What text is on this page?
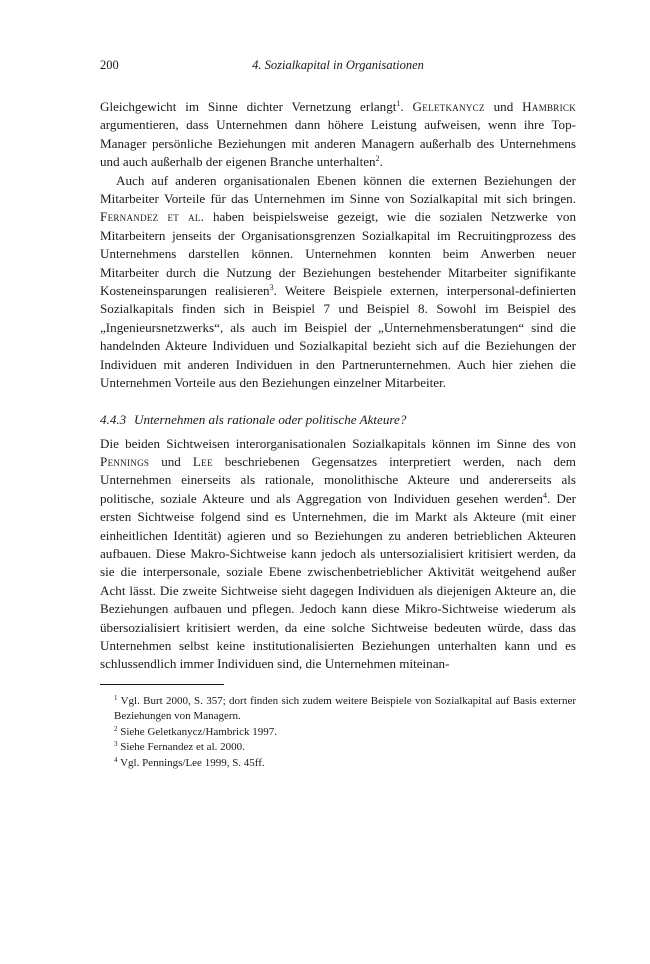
200	4. Sozialkapital in Organisationen

Gleichgewicht im Sinne dichter Vernetzung erlangt$^1$. Geletkanycz und Hambrick argumentieren, dass Unternehmen dann höhere Leistung aufweisen, wenn ihre Top-Manager persönliche Beziehungen mit anderen Managern außerhalb des Unternehmens und auch außerhalb der eigenen Branche unterhalten$^2$.

Auch auf anderen organisationalen Ebenen können die externen Beziehungen der Mitarbeiter Vorteile für das Unternehmen im Sinne von Sozialkapital mit sich bringen. Fernandez et al. haben beispielsweise gezeigt, wie die sozialen Netzwerke von Mitarbeitern jenseits der Organisationsgrenzen Sozialkapital im Recruitingprozess des Unternehmens darstellen können. Unternehmen konnten beim Anwerben neuer Mitarbeiter durch die Nutzung der Beziehungen bestehender Mitarbeiter signifikante Kosteneinsparungen realisieren$^3$. Weitere Beispiele externen, interpersonal-definierten Sozialkapitals finden sich in Beispiel 7 und Beispiel 8. Sowohl im Beispiel des „Ingenieursnetzwerks“, als auch im Beispiel der „Unternehmensberatungen“ sind die handelnden Akteure Individuen und Sozialkapital bezieht sich auf die Beziehungen der Individuen mit anderen Individuen in den Partnerunternehmen. Auch hier ziehen die Unternehmen Vorteile aus den Beziehungen einzelner Mitarbeiter.

4.4.3 Unternehmen als rationale oder politische Akteure?

Die beiden Sichtweisen interorganisationalen Sozialkapitals können im Sinne des von Pennings und Lee beschriebenen Gegensatzes interpretiert werden, nach dem Unternehmen einerseits als rationale, monolithische Akteure und andererseits als politische, soziale Akteure und als Aggregation von Individuen gesehen werden$^4$. Der ersten Sichtweise folgend sind es Unternehmen, die im Markt als Akteure (mit einer einheitlichen Identität) agieren und so Beziehungen zu anderen betrieblichen Akteuren aufbauen. Diese Makro-Sichtweise kann jedoch als untersozialisiert kritisiert werden, da sie die interpersonale, soziale Ebene zwischenbetrieblicher Aktivität weitgehend außer Acht lässt. Die zweite Sichtweise sieht dagegen Individuen als diejenigen Akteure an, die Beziehungen aufbauen und pflegen. Jedoch kann diese Mikro-Sichtweise wiederum als übersozialisiert kritisiert werden, da eine solche Sichtweise bedeuten würde, dass das Unternehmen selbst keine institutionalisierten Beziehungen unterhalten kann und es schlussendlich immer Individuen sind, die Unternehmen miteinan-

$^1$ Vgl. Burt 2000, S. 357; dort finden sich zudem weitere Beispiele von Sozialkapital auf Basis externer Beziehungen von Managern.
$^2$ Siehe Geletkanycz/Hambrick 1997.
$^3$ Siehe Fernandez et al. 2000.
$^4$ Vgl. Pennings/Lee 1999, S. 45ff.
